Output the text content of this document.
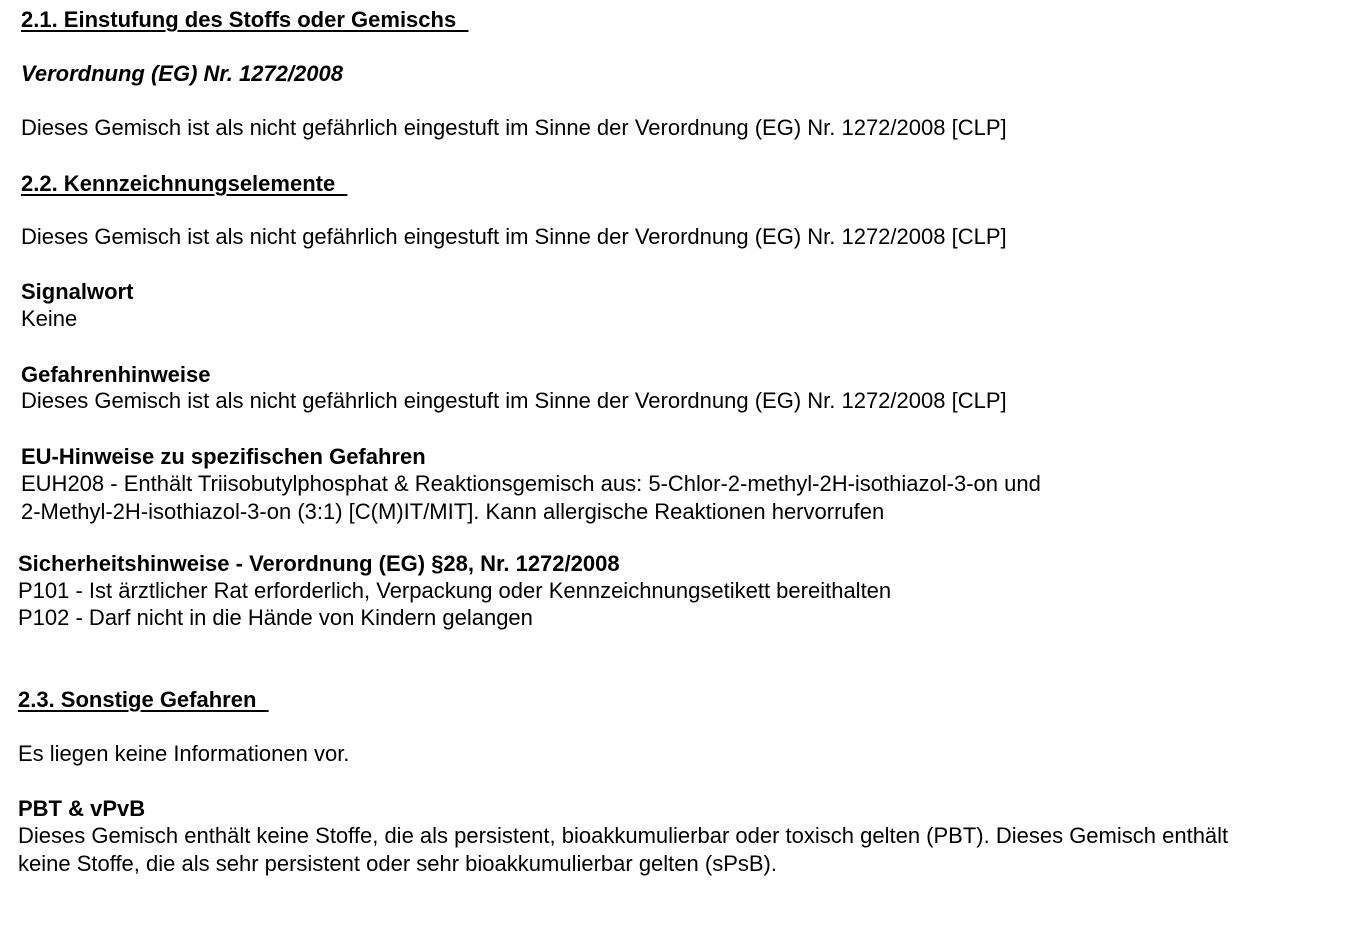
2.1. Einstufung des Stoffs oder Gemischs
Verordnung (EG) Nr. 1272/2008
Dieses Gemisch ist als nicht gefährlich eingestuft im Sinne der Verordnung (EG) Nr. 1272/2008 [CLP]
2.2. Kennzeichnungselemente
Dieses Gemisch ist als nicht gefährlich eingestuft im Sinne der Verordnung (EG) Nr. 1272/2008 [CLP]
Signalwort
Keine
Gefahrenhinweise
Dieses Gemisch ist als nicht gefährlich eingestuft im Sinne der Verordnung (EG) Nr. 1272/2008 [CLP]
EU-Hinweise zu spezifischen Gefahren
EUH208 - Enthält Triisobutylphosphat & Reaktionsgemisch aus: 5-Chlor-2-methyl-2H-isothiazol-3-on und
2-Methyl-2H-isothiazol-3-on (3:1) [C(M)IT/MIT]. Kann allergische Reaktionen hervorrufen
Sicherheitshinweise - Verordnung (EG) §28, Nr. 1272/2008
P101 - Ist ärztlicher Rat erforderlich, Verpackung oder Kennzeichnungsetikett bereithalten
P102 - Darf nicht in die Hände von Kindern gelangen
2.3. Sonstige Gefahren
Es liegen keine Informationen vor.
PBT & vPvB
Dieses Gemisch enthält keine Stoffe, die als persistent, bioakkumulierbar oder toxisch gelten (PBT). Dieses Gemisch enthält
keine Stoffe, die als sehr persistent oder sehr bioakkumulierbar gelten (sPsB).
